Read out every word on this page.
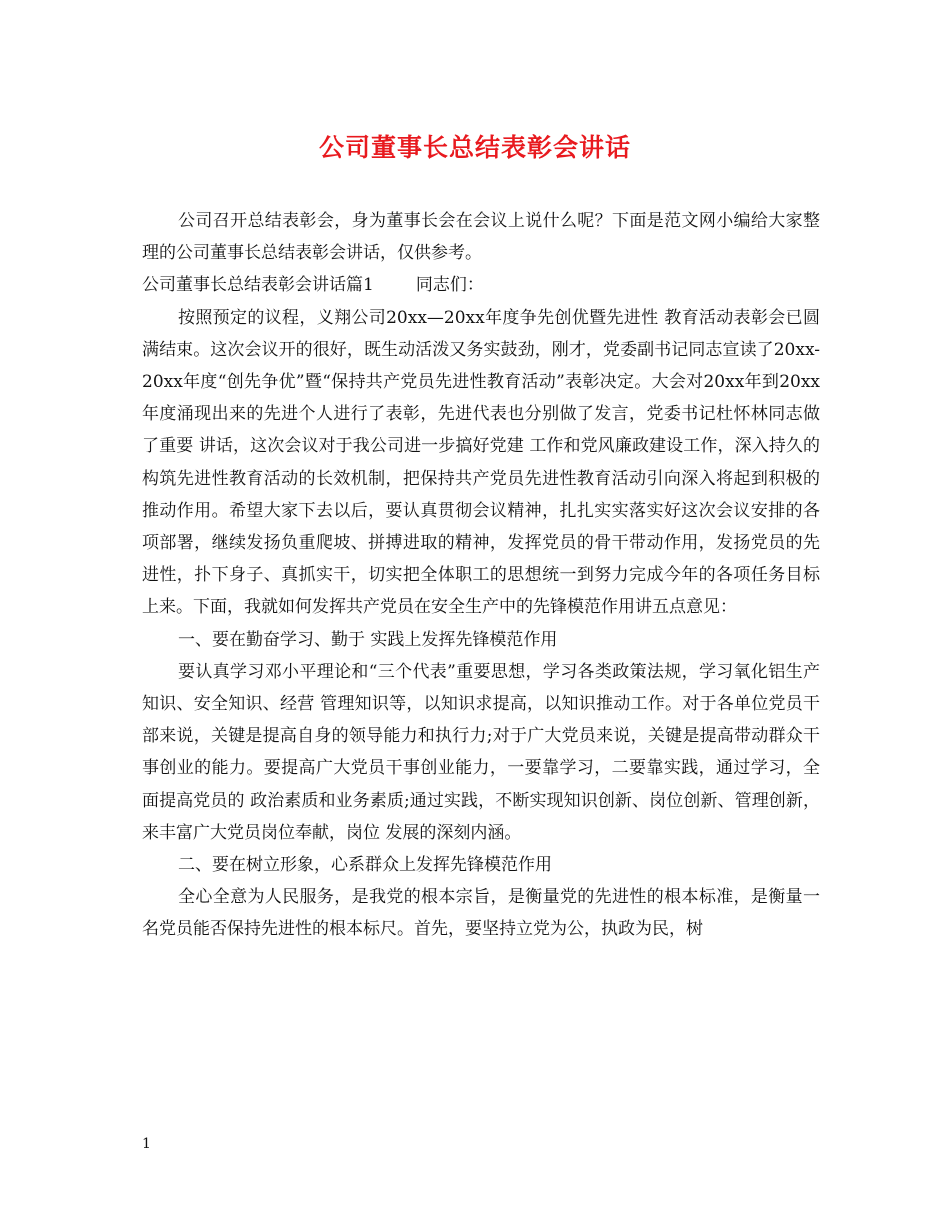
公司董事长总结表彰会讲话

公司召开总结表彰会，身为董事长会在会议上说什么呢？下面是范文网小编给大家整理的公司董事长总结表彰会讲话，仅供参考。

公司董事长总结表彰会讲话篇1 同志们：

按照预定的议程，义翔公司20xx—20xx年度争先创优暨先进性 教育活动表彰会已圆满结束。这次会议开的很好，既生动活泼又务实鼓劲，刚才，党委副书记同志宣读了20xx-20xx年度“创先争优”暨“保持共产党员先进性教育活动”表彰决定。大会对20xx年到20xx年度涌现出来的先进个人进行了表彰，先进代表也分别做了发言，党委书记杜怀林同志做了重要 讲话，这次会议对于我公司进一步搞好党建 工作和党风廉政建设工作，深入持久的构筑先进性教育活动的长效机制，把保持共产党员先进性教育活动引向深入将起到积极的推动作用。希望大家下去以后，要认真贯彻会议精神，扎扎实实落实好这次会议安排的各项部署，继续发扬负重爬坡、拼搏进取的精神，发挥党员的骨干带动作用，发扬党员的先进性，扑下身子、真抓实干，切实把全体职工的思想统一到努力完成今年的各项任务目标上来。下面，我就如何发挥共产党员在安全生产中的先锋模范作用讲五点意见：

一、要在勤奋学习、勤于 实践上发挥先锋模范作用

要认真学习邓小平理论和“三个代表”重要思想，学习各类政策法规，学习氧化铝生产知识、安全知识、经营 管理知识等，以知识求提高，以知识推动工作。对于各单位党员干部来说，关键是提高自身的领导能力和执行力;对于广大党员来说，关键是提高带动群众干事创业的能力。要提高广大党员干事创业能力，一要靠学习，二要靠实践，通过学习，全面提高党员的 政治素质和业务素质;通过实践，不断实现知识创新、岗位创新、管理创新，来丰富广大党员岗位奉献，岗位 发展的深刻内涵。

二、要在树立形象，心系群众上发挥先锋模范作用

全心全意为人民服务，是我党的根本宗旨，是衡量党的先进性的根本标准，是衡量一名党员能否保持先进性的根本标尺。首先，要坚持立党为公，执政为民，树

1
